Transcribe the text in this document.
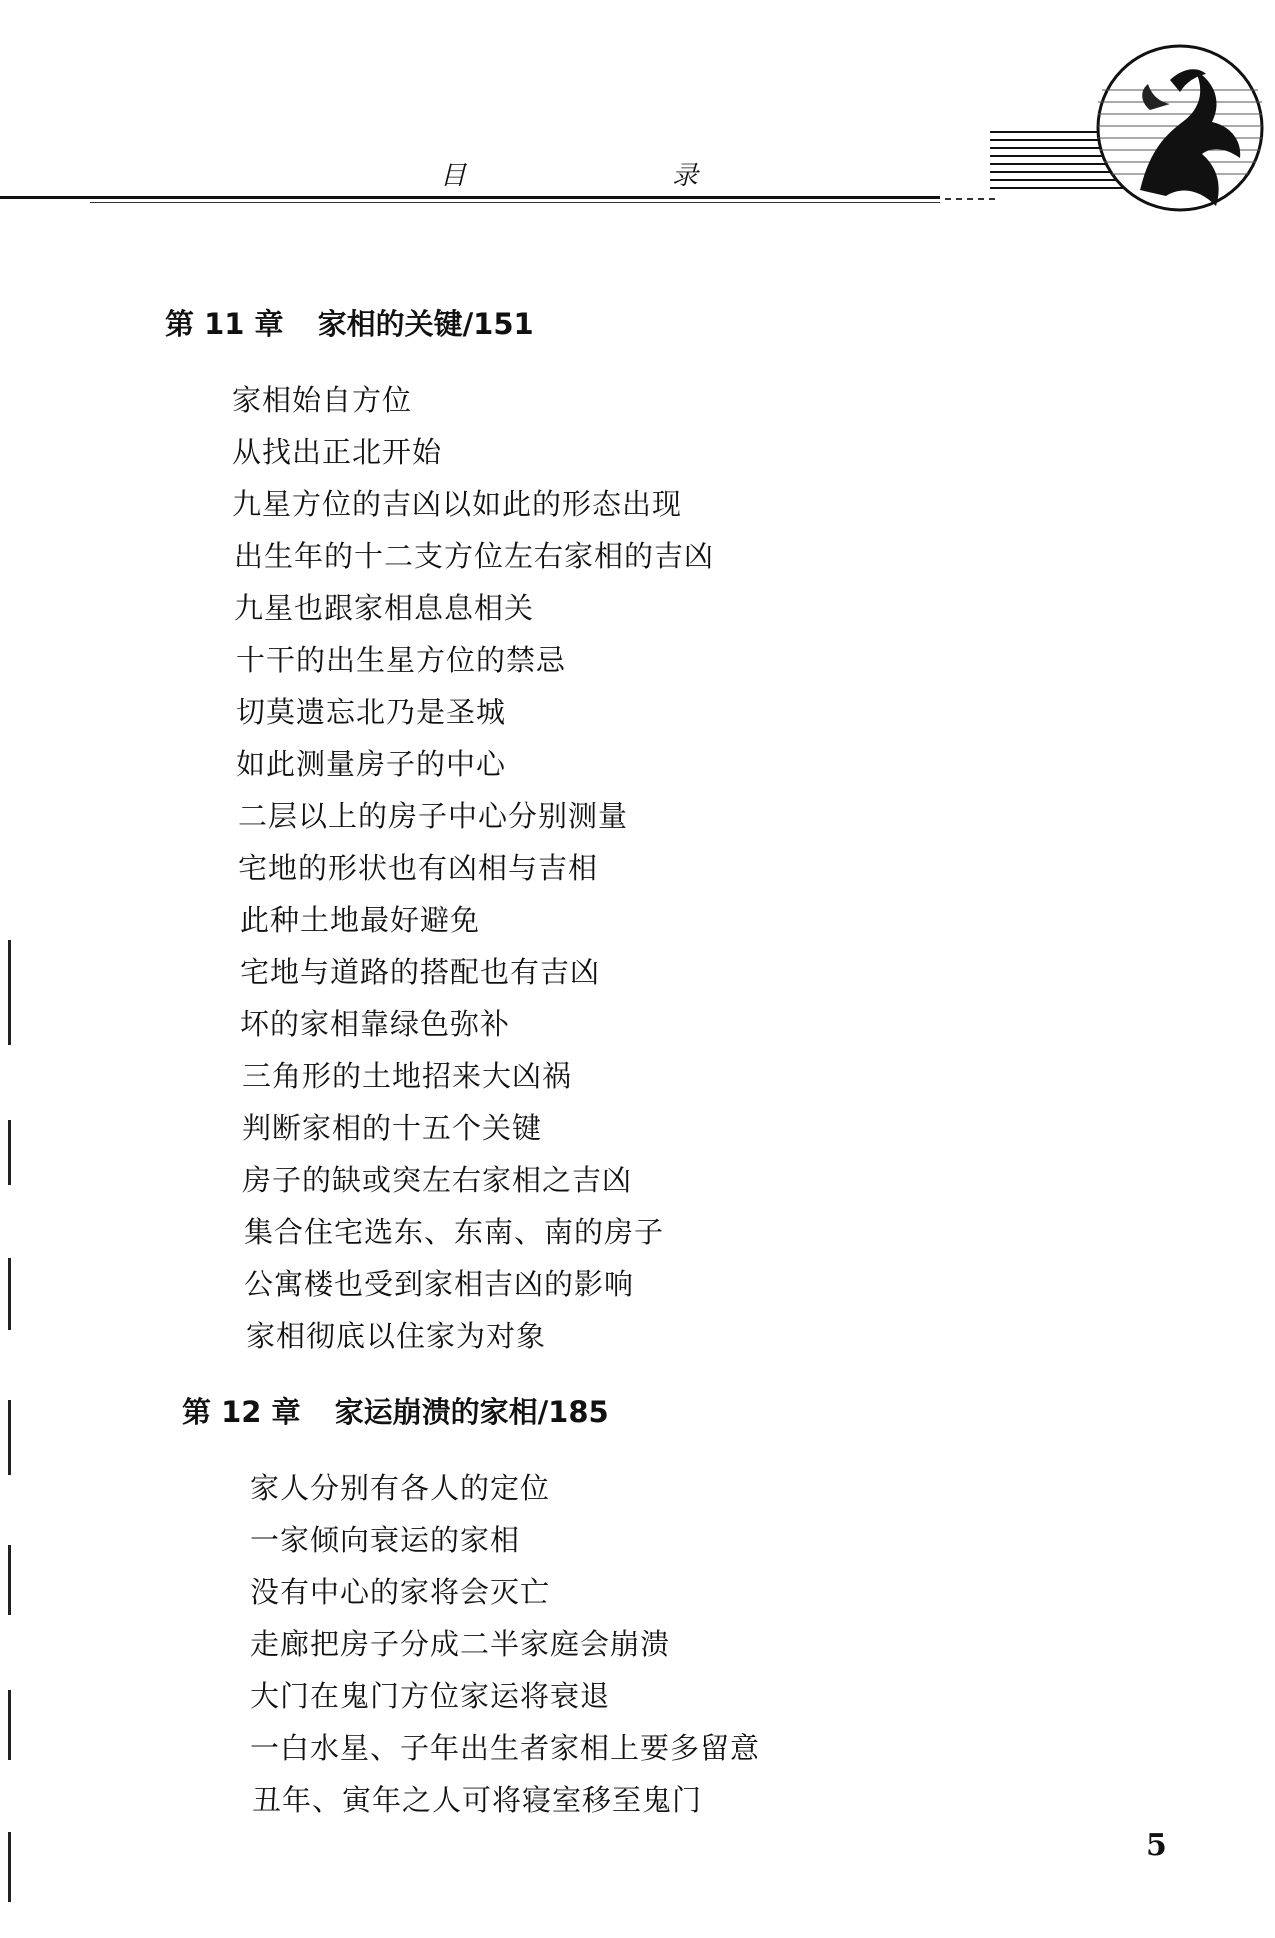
目	录
第 11 章 家相的关键/151
家相始自方位
从找出正北开始
九星方位的吉凶以如此的形态出现
出生年的十二支方位左右家相的吉凶
九星也跟家相息息相关
十干的出生星方位的禁忌
切莫遗忘北乃是圣城
如此测量房子的中心
二层以上的房子中心分别测量
宅地的形状也有凶相与吉相
此种土地最好避免
宅地与道路的搭配也有吉凶
坏的家相靠绿色弥补
三角形的土地招来大凶祸
判断家相的十五个关键
房子的缺或突左右家相之吉凶
集合住宅选东、东南、南的房子
公寓楼也受到家相吉凶的影响
家相彻底以住家为对象
第 12 章 家运崩溃的家相/185
家人分别有各人的定位
一家倾向衰运的家相
没有中心的家将会灭亡
走廊把房子分成二半家庭会崩溃
大门在鬼门方位家运将衰退
一白水星、子年出生者家相上要多留意
丑年、寅年之人可将寝室移至鬼门
5
